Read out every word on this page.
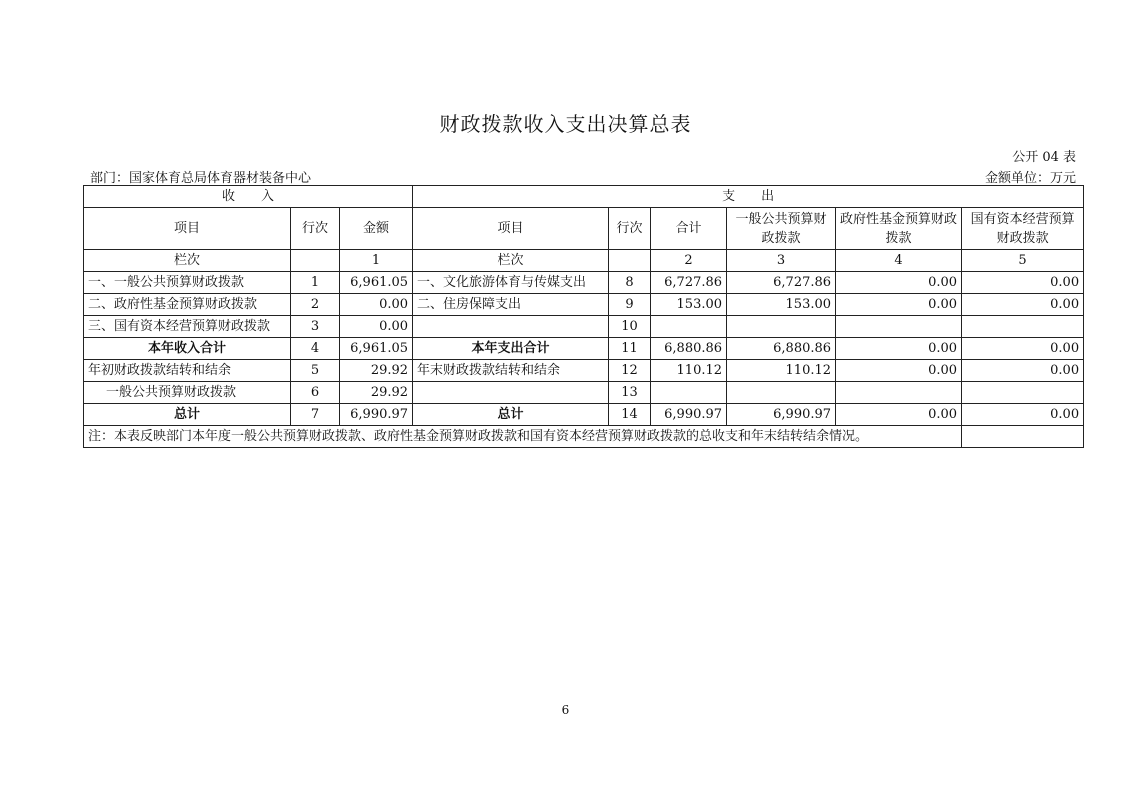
财政拨款收入支出决算总表
公开 04 表
部门：国家体育总局体育器材装备中心	金额单位：万元
收　　入			支　　出					
项目	行次	金额	项目	行次	合计	一般公共预算财政拨款	政府性基金预算财政拨款	国有资本经营预算财政拨款
栏次		1	栏次		2	3	4	5
一、一般公共预算财政拨款	1	6,961.05	一、文化旅游体育与传媒支出	8	6,727.86	6,727.86	0.00	0.00
二、政府性基金预算财政拨款	2	0.00	二、住房保障支出	9	153.00	153.00	0.00	0.00
三、国有资本经营预算财政拨款	3	0.00		10				
本年收入合计	4	6,961.05	本年支出合计	11	6,880.86	6,880.86	0.00	0.00
年初财政拨款结转和结余	5	29.92	年末财政拨款结转和结余	12	110.12	110.12	0.00	0.00
一般公共预算财政拨款	6	29.92		13				
总计	7	6,990.97	总计	14	6,990.97	6,990.97	0.00	0.00
注：本表反映部门本年度一般公共预算财政拨款、政府性基金预算财政拨款和国有资本经营预算财政拨款的总收支和年末结转结余情况。								
6
